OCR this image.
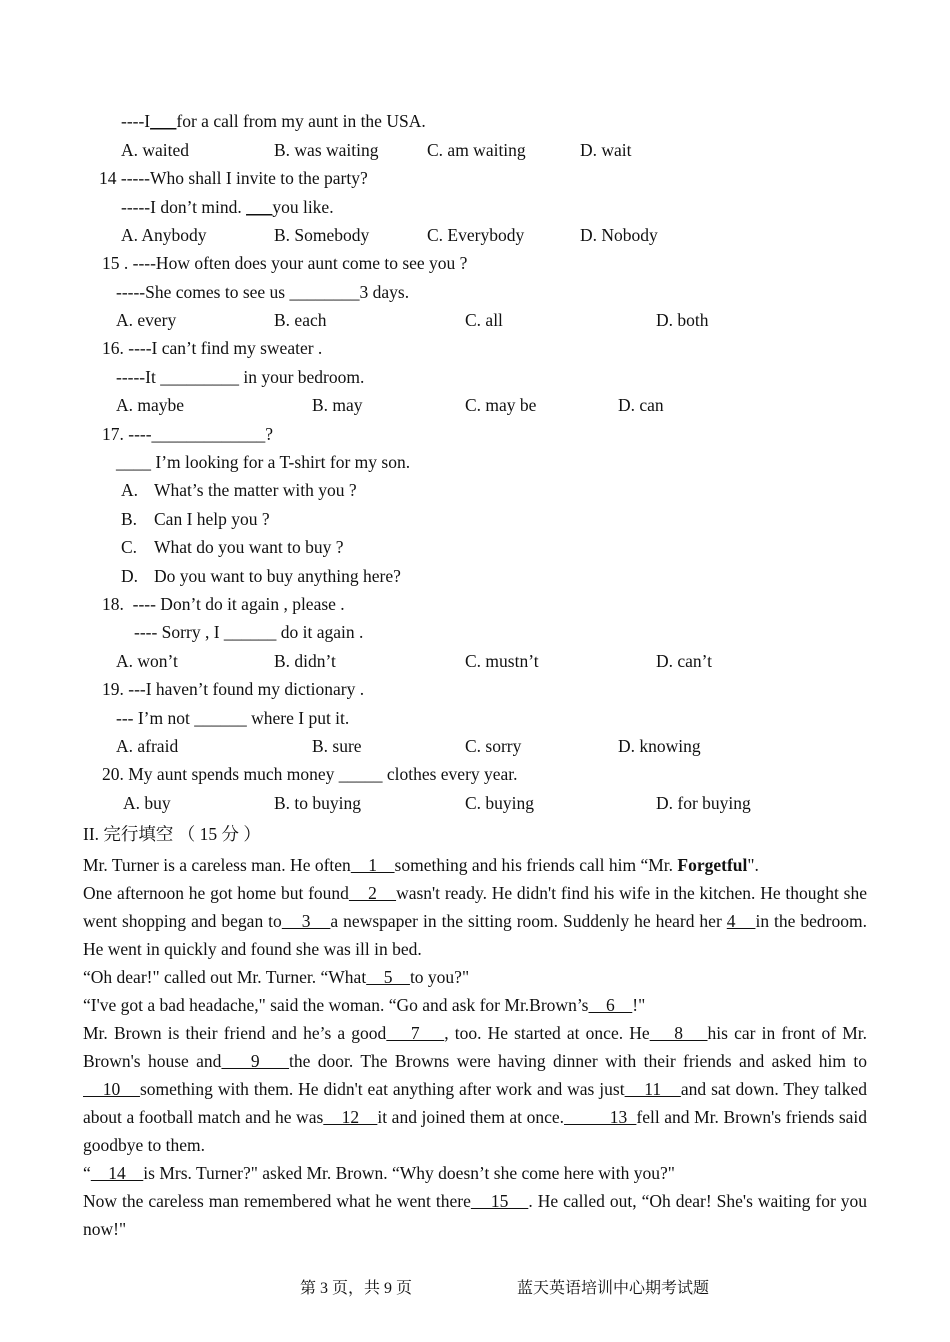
----I___for a call from my aunt in the USA.
A. waited	B. was waiting	C. am waiting	D. wait
14 -----Who shall I invite to the party?
-----I don’t mind. ___you like.
A. Anybody	B. Somebody	C. Everybody	D. Nobody
15 . ----How often does your aunt come to see you ?
-----She comes to see us ________3 days.
A. every	B. each	C. all	D. both
16. ----I can’t find my sweater .
-----It _________ in your bedroom.
A. maybe	B. may	C. may be	D. can
17. ----_____________?
____ I’m looking for a T-shirt for my son.
A. What’s the matter with you ?
B. Can I help you ?
C. What do you want to buy ?
D. Do you want to buy anything here?
18.  ---- Don’t do it again , please .
---- Sorry , I ______ do it again .
A. won’t	B. didn’t	C. mustn’t	D. can’t
19. ---I haven’t found my dictionary .
--- I’m not ______ where I put it.
A. afraid	B. sure	C. sorry	D. knowing
20. My aunt spends much money _____ clothes every year.
A. buy	B. to buying	C. buying	D. for buying
II. 完行填空 （ 15 分 ）

Mr. Turner is a careless man. He often    1    something and his friends call him “Mr. Forgetful".

One afternoon he got home but found    2    wasn't ready. He didn't find his wife in the kitchen. He thought she went shopping and began to    3    a newspaper in the sitting room. Suddenly he heard her 4    in the bedroom. He went in quickly and found she was ill in bed.

“Oh dear!" called out Mr. Turner. “What    5    to you?"

“I've got a bad headache," said the woman. “Go and ask for Mr.Brown’s    6    !"

Mr. Brown is their friend and he’s a good    7    , too. He started at once. He    8    his car in front of Mr. Brown's house and    9    the door. The Browns were having dinner with their friends and asked him to    10    something with them. He didn't eat anything after work and was just    11    and sat down. They talked about a football match and he was    12    it and joined them at once.          13  fell and Mr. Brown's friends said goodbye to them.

“    14    is Mrs. Turner?" asked Mr. Brown. “Why doesn’t she come here with you?"

Now the careless man remembered what he went there    15    . He called out, “Oh dear! She's waiting for you now!"

第 3 页，共 9 页	蓝天英语培训中心期考试题
